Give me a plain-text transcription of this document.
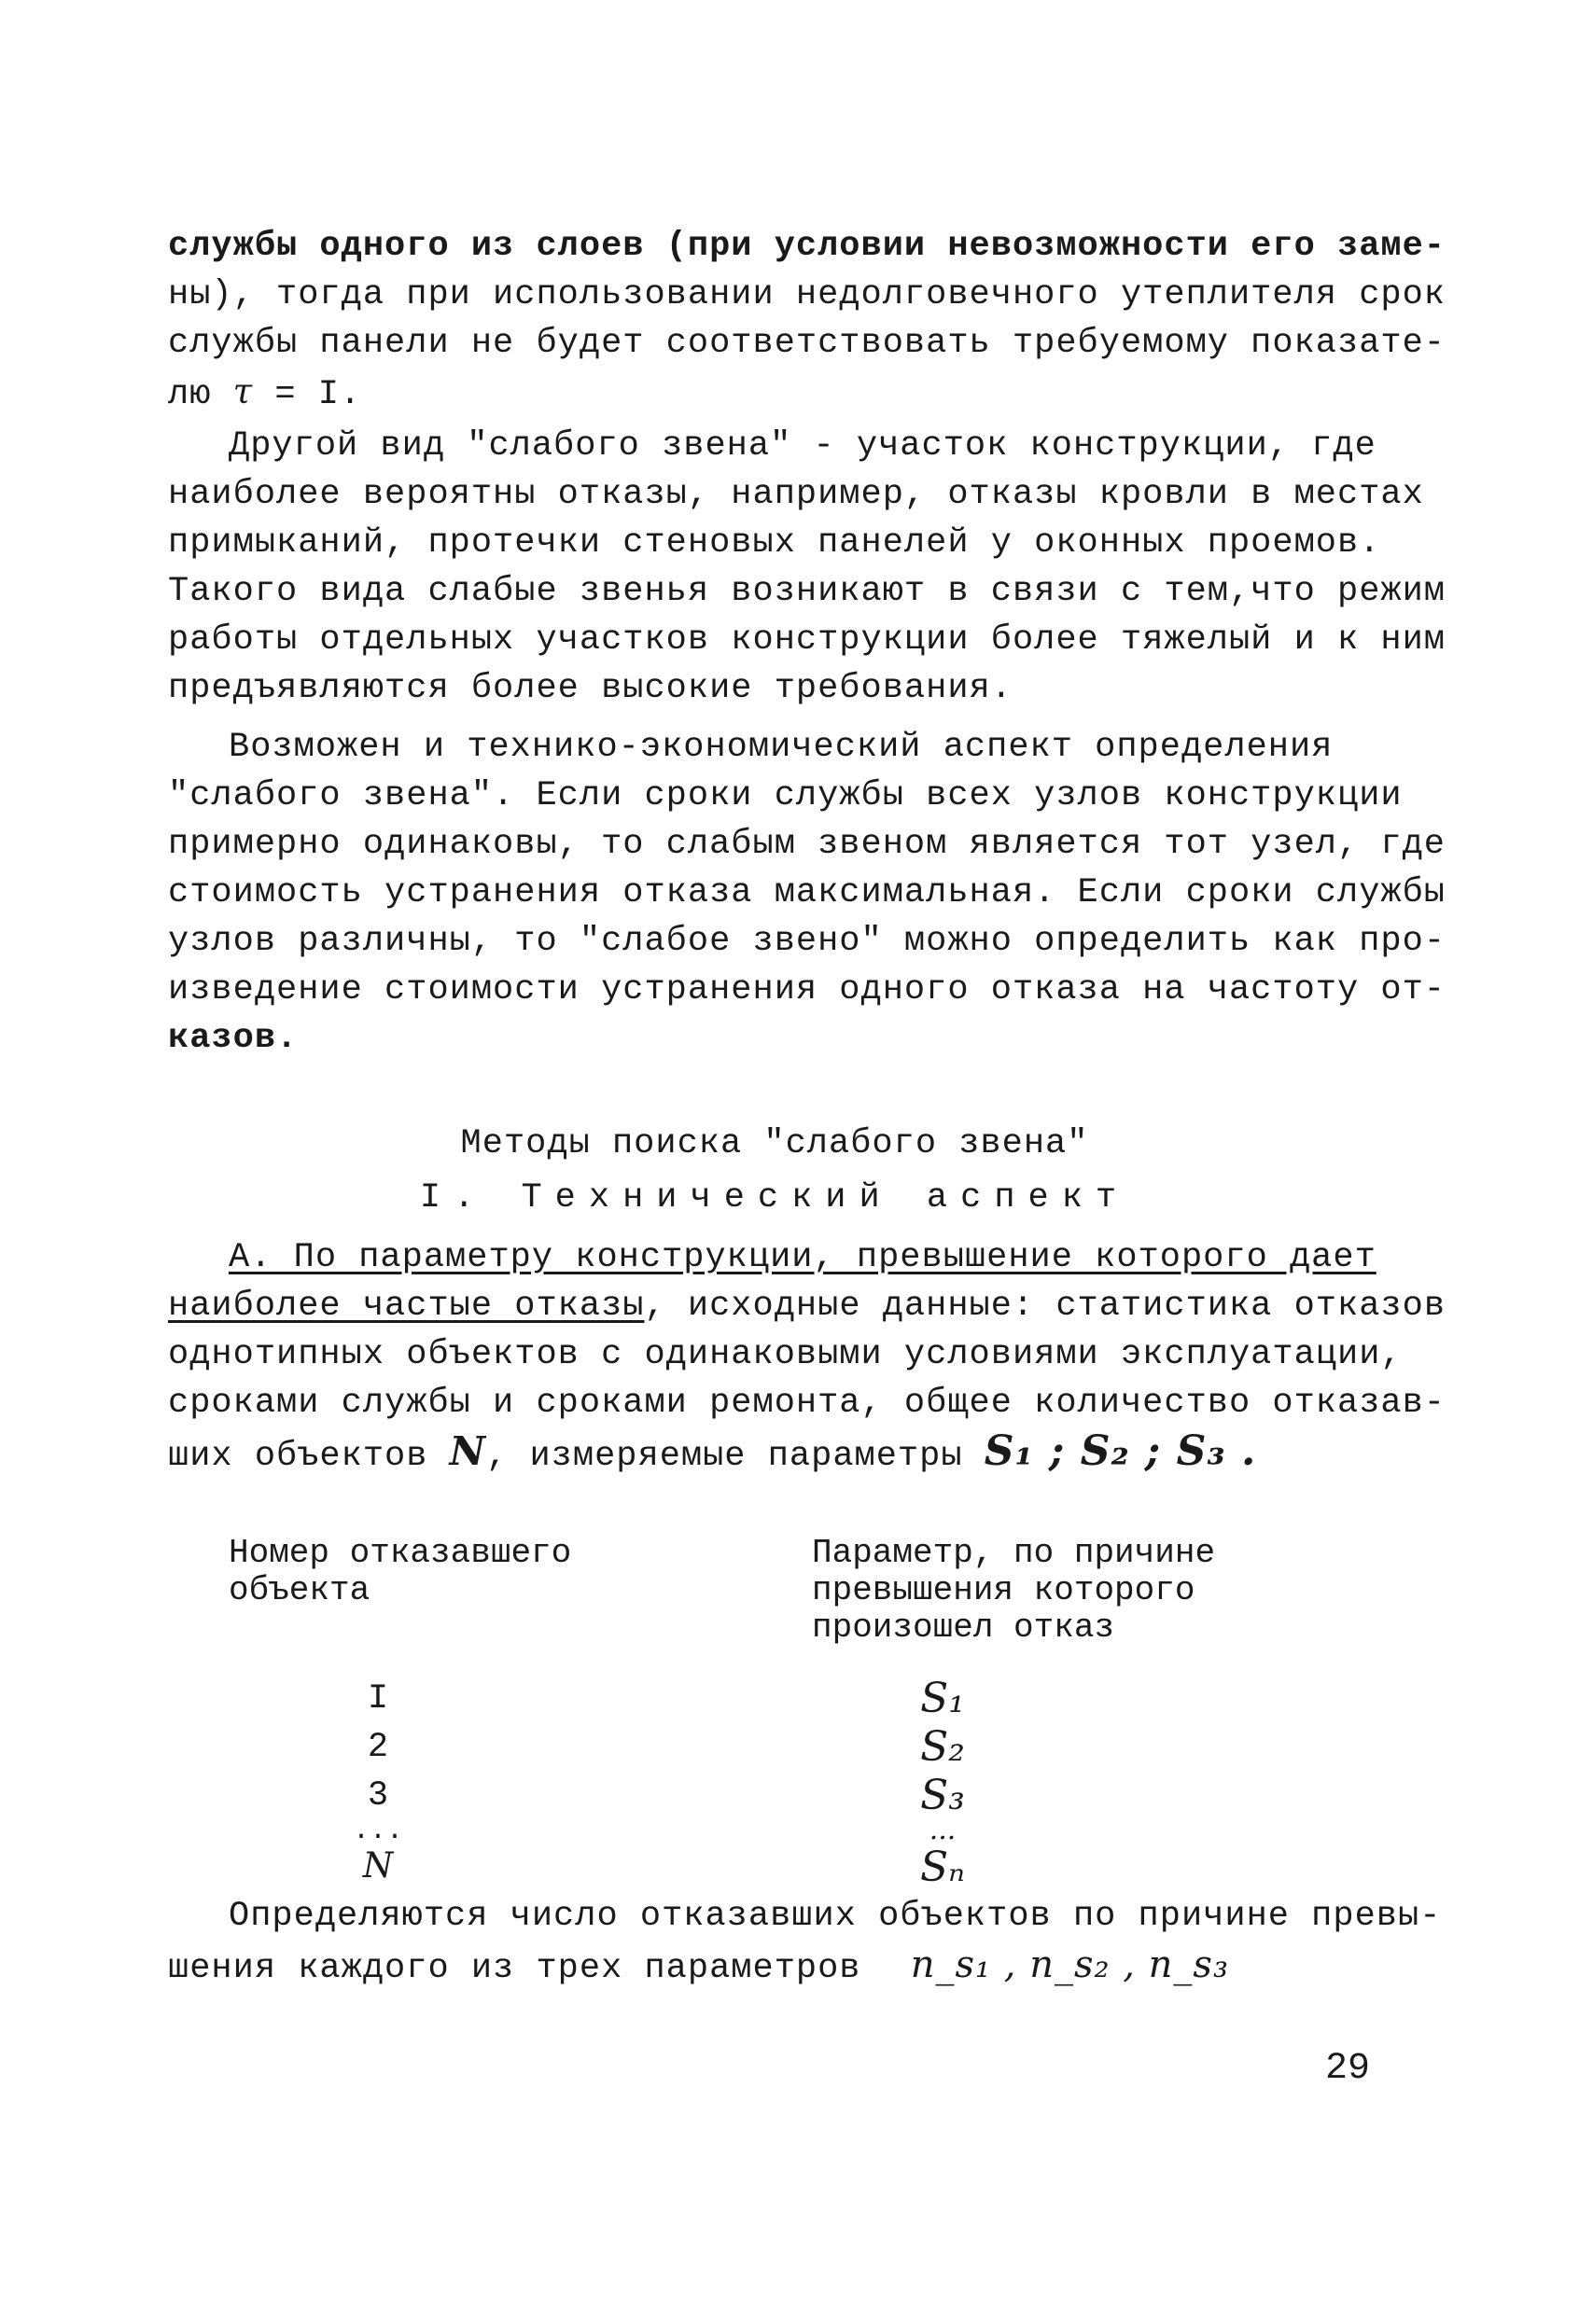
службы одного из слоев (при условии невозможности его заме-
ны), тогда при использовании недолговечного утеплителя срок
службы панели не будет соответствовать требуемому показате-
лю τ = I.
Другой вид "слабого звена" - участок конструкции, где
наиболее вероятны отказы, например, отказы кровли в местах
примыканий, протечки стеновых панелей у оконных проемов.
Такого вида слабые звенья возникают в связи с тем,что режим
работы отдельных участков конструкции более тяжелый и к ним
предъявляются более высокие требования.
Возможен и технико-экономический аспект определения
"слабого звена". Если сроки службы всех узлов конструкции
примерно одинаковы, то слабым звеном является тот узел, где
стоимость устранения отказа максимальная. Если сроки службы
узлов различны, то "слабое звено" можно определить как про-
изведение стоимости устранения одного отказа на частоту от-
казов.
Методы поиска "слабого звена"
I. Технический аспект
А. По параметру конструкции, превышение которого дает
наиболее частые отказы, исходные данные: статистика отказов
однотипных объектов с одинаковыми условиями эксплуатации,
сроками службы и сроками ремонта, общее количество отказав-
ших объектов N, измеряемые параметры S₁ ; S₂ ; S₃ .
Номер отказавшего
объекта
Параметр, по причине
превышения которого
произошел отказ
I	S₁
2	S₂
3	S₃
...	...
N	Sₙ
Определяются число отказавших объектов по причине превы-
шения каждого из трех параметров n_s₁ , n_s₂ , n_s₃
29
